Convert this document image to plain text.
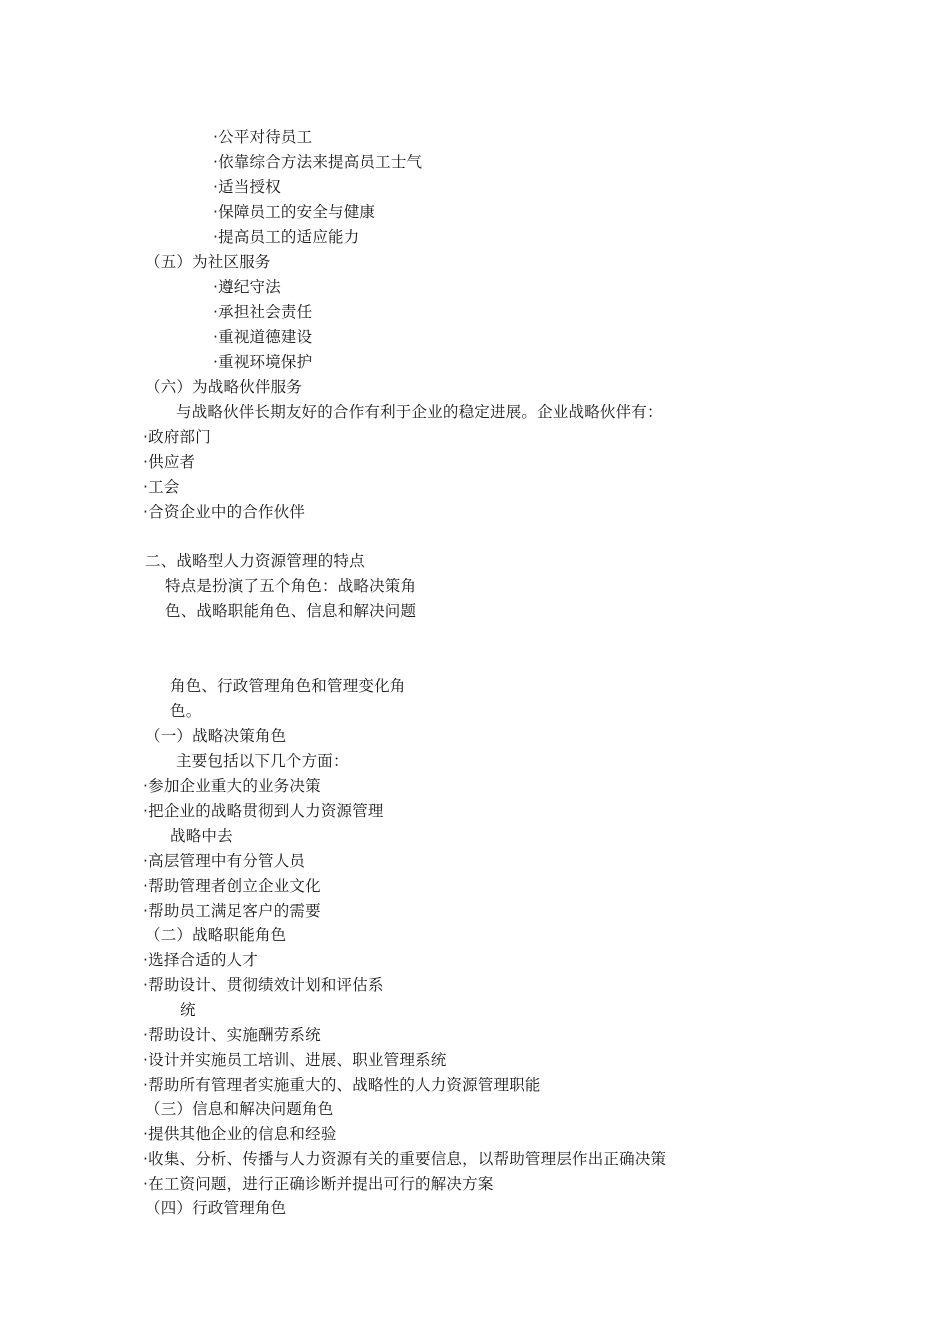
·公平对待员工
·依靠综合方法来提高员工士气
·适当授权
·保障员工的安全与健康
·提高员工的适应能力
（五）为社区服务
·遵纪守法
·承担社会责任
·重视道德建设
·重视环境保护
（六）为战略伙伴服务
与战略伙伴长期友好的合作有利于企业的稳定进展。企业战略伙伴有：
·政府部门
·供应者
·工会
·合资企业中的合作伙伴
二、战略型人力资源管理的特点
特点是扮演了五个角色：战略决策角
色、战略职能角色、信息和解决问题
角色、行政管理角色和管理变化角
色。
（一）战略决策角色
主要包括以下几个方面：
·参加企业重大的业务决策
·把企业的战略贯彻到人力资源管理
战略中去
·高层管理中有分管人员
·帮助管理者创立企业文化
·帮助员工满足客户的需要
（二）战略职能角色
·选择合适的人才
·帮助设计、贯彻绩效计划和评估系
统
·帮助设计、实施酬劳系统
·设计并实施员工培训、进展、职业管理系统
·帮助所有管理者实施重大的、战略性的人力资源管理职能
（三）信息和解决问题角色
·提供其他企业的信息和经验
·收集、分析、传播与人力资源有关的重要信息，以帮助管理层作出正确决策
·在工资问题，进行正确诊断并提出可行的解决方案
（四）行政管理角色
